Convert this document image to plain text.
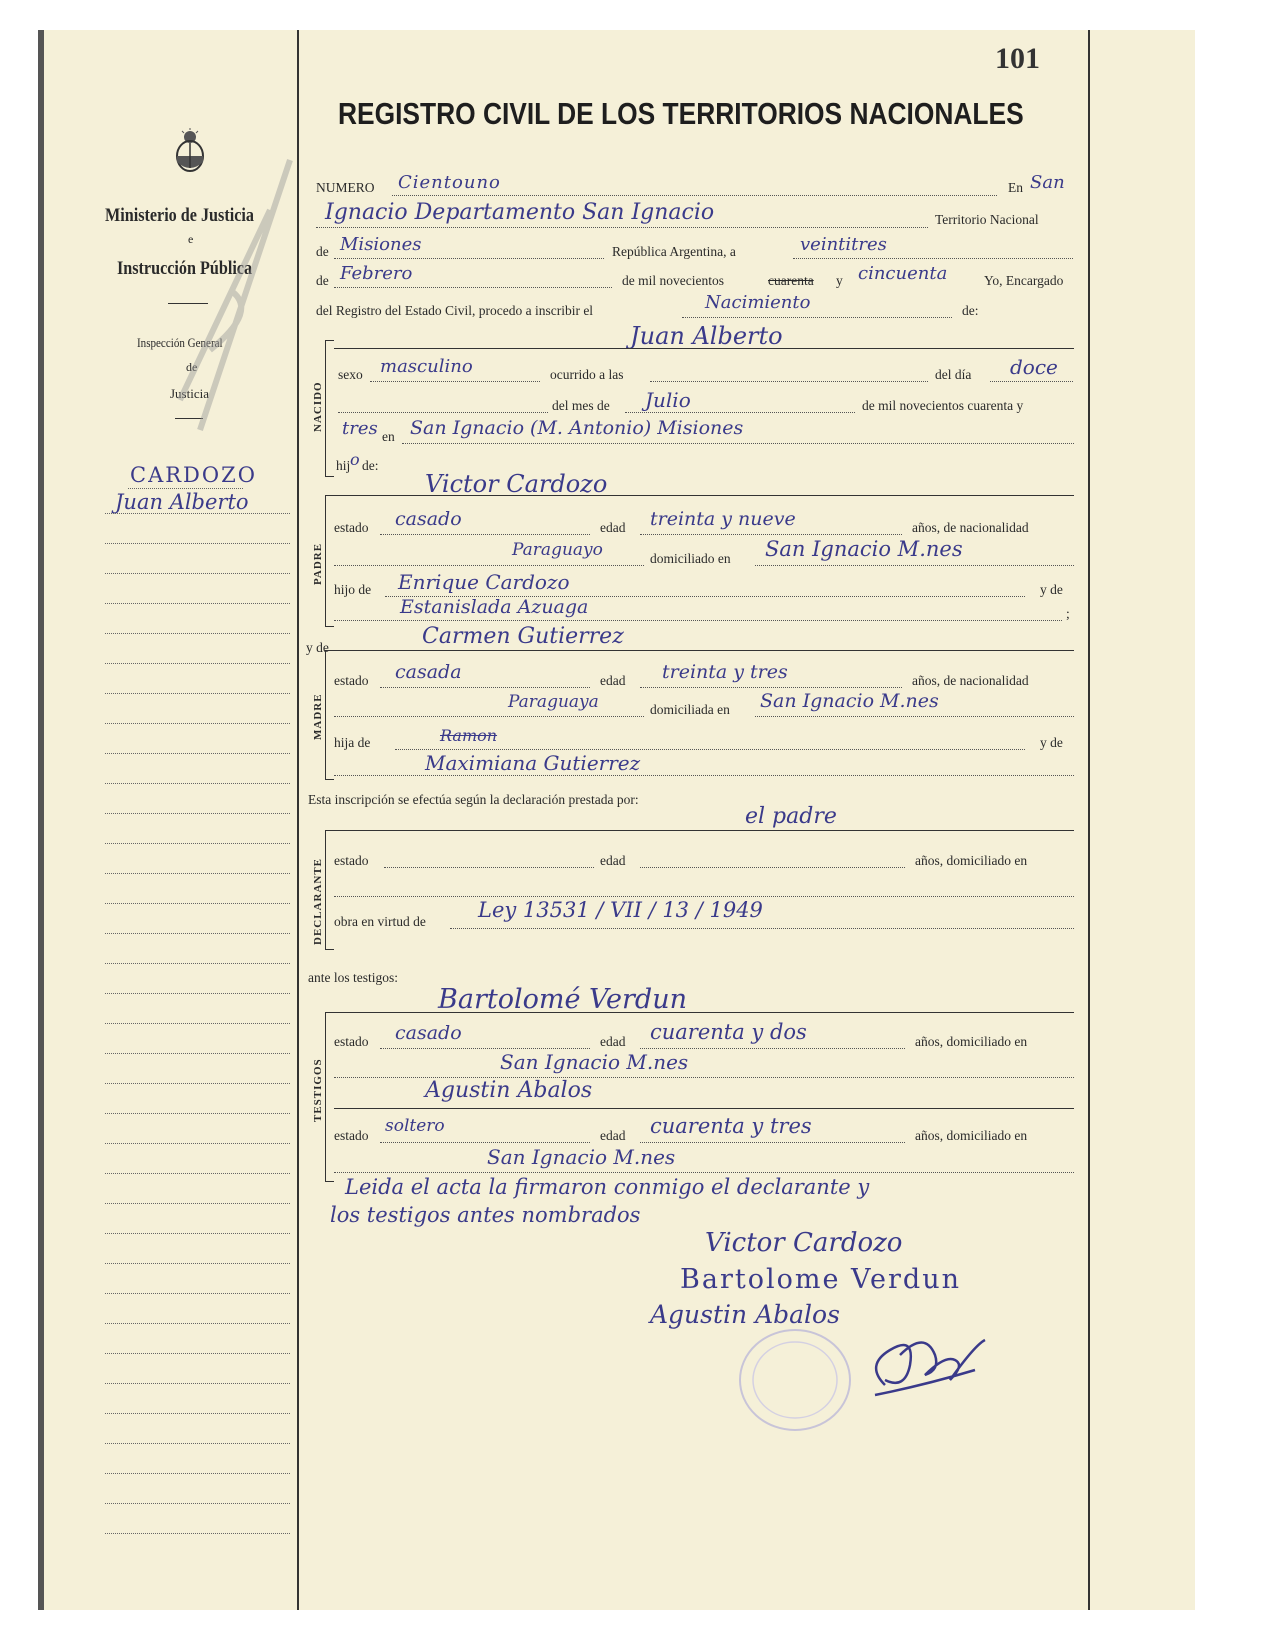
101
REGISTRO CIVIL DE LOS TERRITORIOS NACIONALES
Ministerio de Justicia
e
Instrucción Pública
Inspección General
de
Justicia
CARDOZO
Juan Alberto
NUMERO Cientouno	En San
Ignacio Departamento San Ignacio	Territorio Nacional
de Misiones	República Argentina, a	veintitres
de Febrero	de mil novecientos	cuarenta y cincuenta	Yo, Encargado
del Registro del Estado Civil, procedo a inscribir el	Nacimiento	de:
Juan Alberto
NACIDO
sexo masculino	ocurrido a las	del día doce
del mes de Julio	de mil novecientos cuarenta y
tres en San Ignacio (M. Antonio) Misiones
hij o de:
Victor Cardozo
PADRE
estado casado	edad treinta y nueve	años, de nacionalidad
Paraguayo	domiciliado en San Ignacio M.nes
hijo de Enrique Cardozo	y de
Estanislada Azuaga	;
y de	Carmen Gutierrez
MADRE
estado casada	edad treinta y tres	años, de nacionalidad
Paraguaya	domiciliada en San Ignacio M.nes
hija de	Ramon	y de
Maximiana Gutierrez
Esta inscripción se efectúa según la declaración prestada por:
el padre
DECLARANTE estado	edad	años, domiciliado en
obra en virtud de Ley 13531 / VII / 13 / 1949
ante los testigos:
Bartolomé Verdun
TESTIGOS
estado casado	edad cuarenta y dos	años, domiciliado en
San Ignacio M.nes
Agustin Abalos
estado soltero	edad cuarenta y tres	años, domiciliado en
San Ignacio M.nes
Leida el acta la firmaron conmigo el declarante y
los testigos antes nombrados
Victor Cardozo
Bartolome Verdun
Agustin Abalos
